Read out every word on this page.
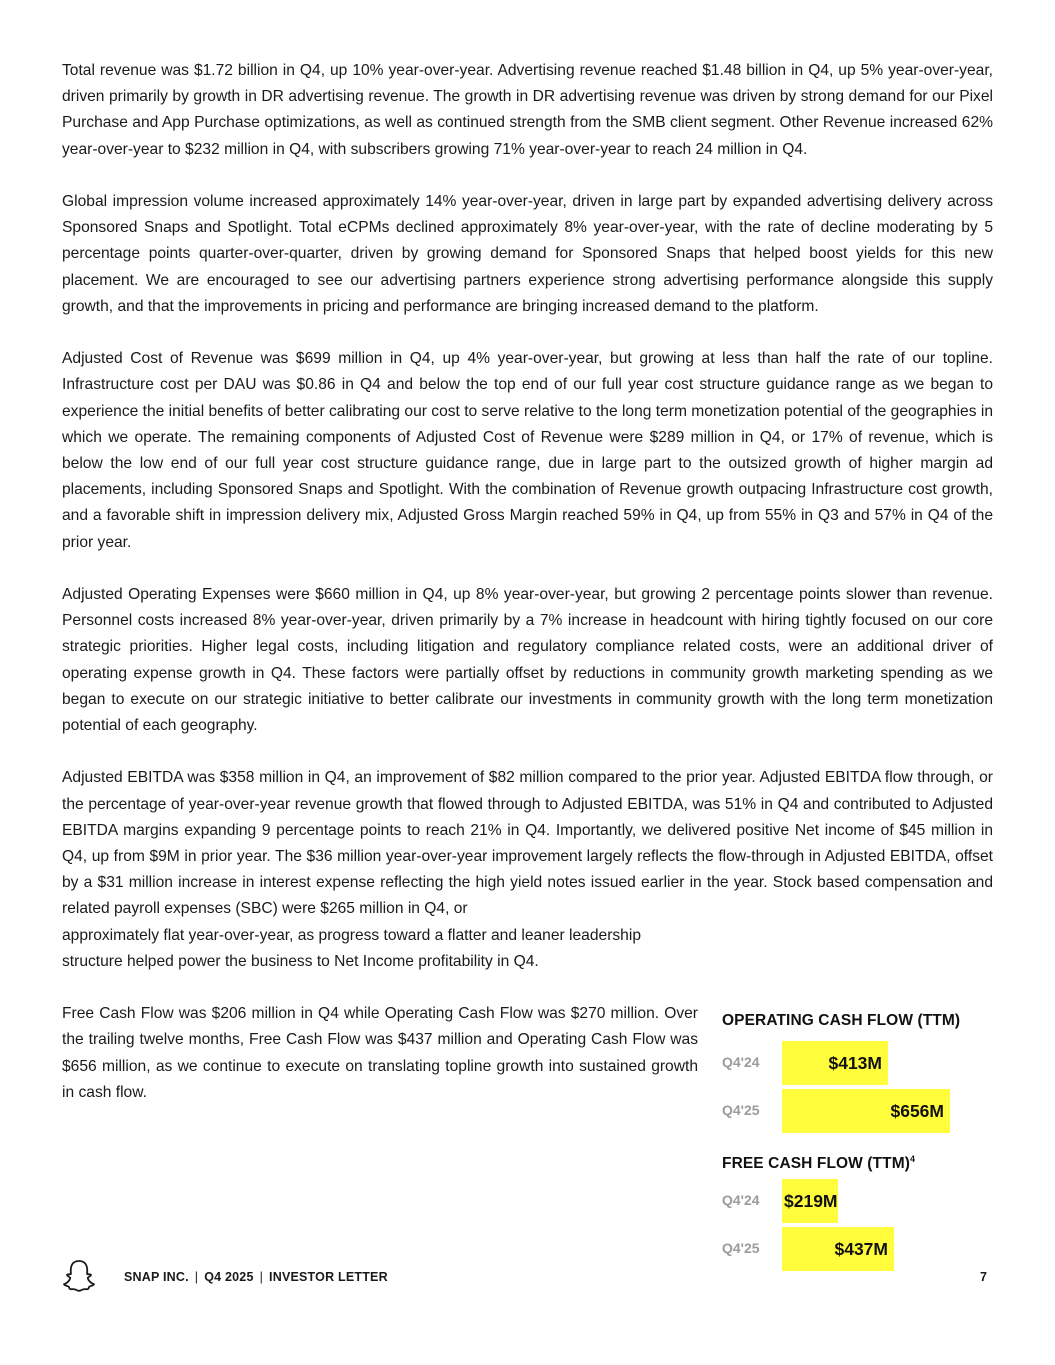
Total revenue was $1.72 billion in Q4, up 10% year-over-year. Advertising revenue reached $1.48 billion in Q4, up 5% year-over-year, driven primarily by growth in DR advertising revenue. The growth in DR advertising revenue was driven by strong demand for our Pixel Purchase and App Purchase optimizations, as well as continued strength from the SMB client segment. Other Revenue increased 62% year-over-year to $232 million in Q4, with subscribers growing 71% year-over-year to reach 24 million in Q4.

Global impression volume increased approximately 14% year-over-year, driven in large part by expanded advertising delivery across Sponsored Snaps and Spotlight. Total eCPMs declined approximately 8% year-over-year, with the rate of decline moderating by 5 percentage points quarter-over-quarter, driven by growing demand for Sponsored Snaps that helped boost yields for this new placement. We are encouraged to see our advertising partners experience strong advertising performance alongside this supply growth, and that the improvements in pricing and performance are bringing increased demand to the platform.

Adjusted Cost of Revenue was $699 million in Q4, up 4% year-over-year, but growing at less than half the rate of our topline. Infrastructure cost per DAU was $0.86 in Q4 and below the top end of our full year cost structure guidance range as we began to experience the initial benefits of better calibrating our cost to serve relative to the long term monetization potential of the geographies in which we operate. The remaining components of Adjusted Cost of Revenue were $289 million in Q4, or 17% of revenue, which is below the low end of our full year cost structure guidance range, due in large part to the outsized growth of higher margin ad placements, including Sponsored Snaps and Spotlight. With the combination of Revenue growth outpacing Infrastructure cost growth, and a favorable shift in impression delivery mix, Adjusted Gross Margin reached 59% in Q4, up from 55% in Q3 and 57% in Q4 of the prior year.

Adjusted Operating Expenses were $660 million in Q4, up 8% year-over-year, but growing 2 percentage points slower than revenue. Personnel costs increased 8% year-over-year, driven primarily by a 7% increase in headcount with hiring tightly focused on our core strategic priorities. Higher legal costs, including litigation and regulatory compliance related costs, were an additional driver of operating expense growth in Q4. These factors were partially offset by reductions in community growth marketing spending as we began to execute on our strategic initiative to better calibrate our investments in community growth with the long term monetization potential of each geography.

Adjusted EBITDA was $358 million in Q4, an improvement of $82 million compared to the prior year. Adjusted EBITDA flow through, or the percentage of year-over-year revenue growth that flowed through to Adjusted EBITDA, was 51% in Q4 and contributed to Adjusted EBITDA margins expanding 9 percentage points to reach 21% in Q4. Importantly, we delivered positive Net income of $45 million in Q4, up from $9M in prior year. The $36 million year-over-year improvement largely reflects the flow-through in Adjusted EBITDA, offset by a $31 million increase in interest expense reflecting the high yield notes issued earlier in the year. Stock based compensation and related payroll expenses (SBC) were $265 million in Q4, or

approximately flat year-over-year, as progress toward a flatter and leaner leadership structure helped power the business to Net Income profitability in Q4.

Free Cash Flow was $206 million in Q4 while Operating Cash Flow was $270 million. Over the trailing twelve months, Free Cash Flow was $437 million and Operating Cash Flow was $656 million, as we continue to execute on translating topline growth into sustained growth in cash flow.

OPERATING CASH FLOW (TTM)
Q4'24	$413M
Q4'25	$656M
FREE CASH FLOW (TTM)$^4$
Q4'24 $219M
Q4'25	$437M
SNAP INC. | Q4 2025 | INVESTOR LETTER	7
